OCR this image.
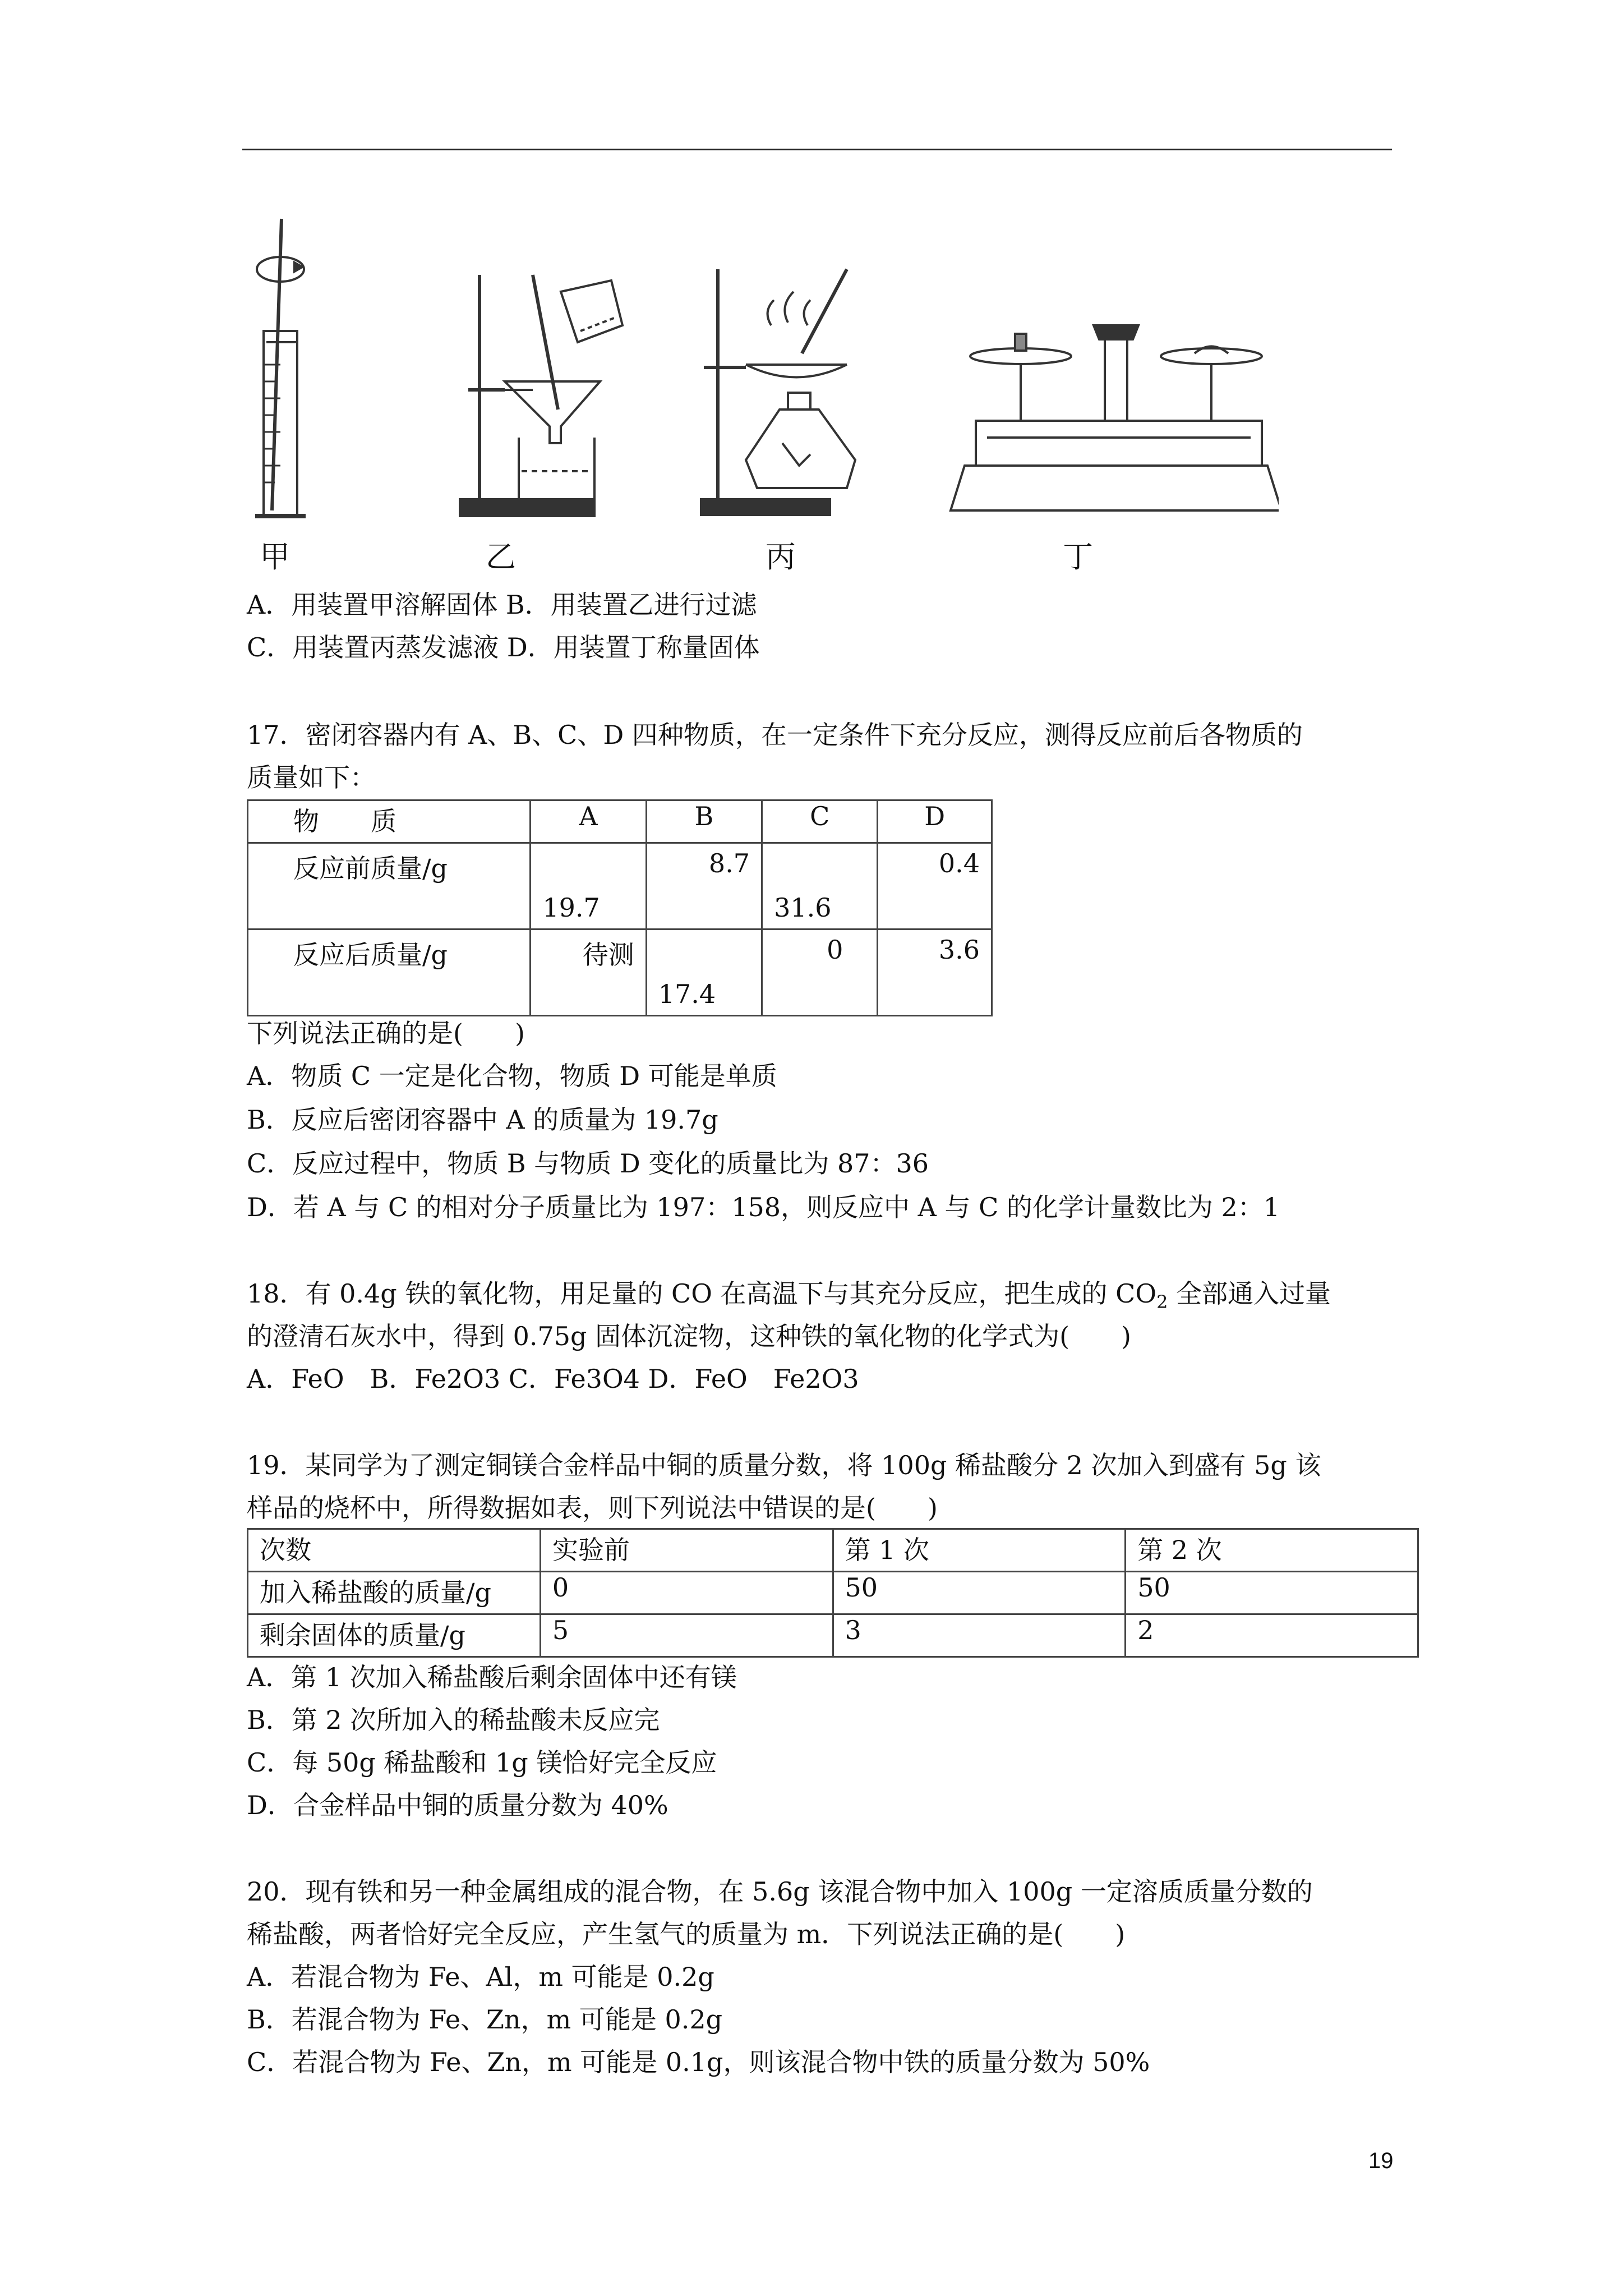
甲	乙	丙	丁
A．用装置甲溶解固体 B．用装置乙进行过滤
C．用装置丙蒸发滤液 D．用装置丁称量固体
17．密闭容器内有 A、B、C、D 四种物质，在一定条件下充分反应，测得反应前后各物质的
质量如下：
物　　质	A	B	C	D
反应前质量/g	19.7	8.7	31.6	0.4
反应后质量/g	待测	17.4	0	3.6
下列说法正确的是(　　)
A．物质 C 一定是化合物，物质 D 可能是单质
B．反应后密闭容器中 A 的质量为 19.7g
C．反应过程中，物质 B 与物质 D 变化的质量比为 87：36
D．若 A 与 C 的相对分子质量比为 197：158，则反应中 A 与 C 的化学计量数比为 2：1
18．有 0.4g 铁的氧化物，用足量的 CO 在高温下与其充分反应，把生成的 $CO_2$ 全部通入过量
的澄清石灰水中，得到 0.75g 固体沉淀物，这种铁的氧化物的化学式为(　　)
A．FeO　B．Fe2O3 C．Fe3O4 D．FeO　Fe2O3
19．某同学为了测定铜镁合金样品中铜的质量分数，将 100g 稀盐酸分 2 次加入到盛有 5g 该
样品的烧杯中，所得数据如表，则下列说法中错误的是(　　)
次数	实验前	第 1 次	第 2 次
加入稀盐酸的质量/g	0	50	50
剩余固体的质量/g	5	3	2
A．第 1 次加入稀盐酸后剩余固体中还有镁
B．第 2 次所加入的稀盐酸未反应完
C．每 50g 稀盐酸和 1g 镁恰好完全反应
D．合金样品中铜的质量分数为 40%
20．现有铁和另一种金属组成的混合物，在 5.6g 该混合物中加入 100g 一定溶质质量分数的
稀盐酸，两者恰好完全反应，产生氢气的质量为 m．下列说法正确的是(　　)
A．若混合物为 Fe、Al，m 可能是 0.2g
B．若混合物为 Fe、Zn，m 可能是 0.2g
C．若混合物为 Fe、Zn，m 可能是 0.1g，则该混合物中铁的质量分数为 50%
19
